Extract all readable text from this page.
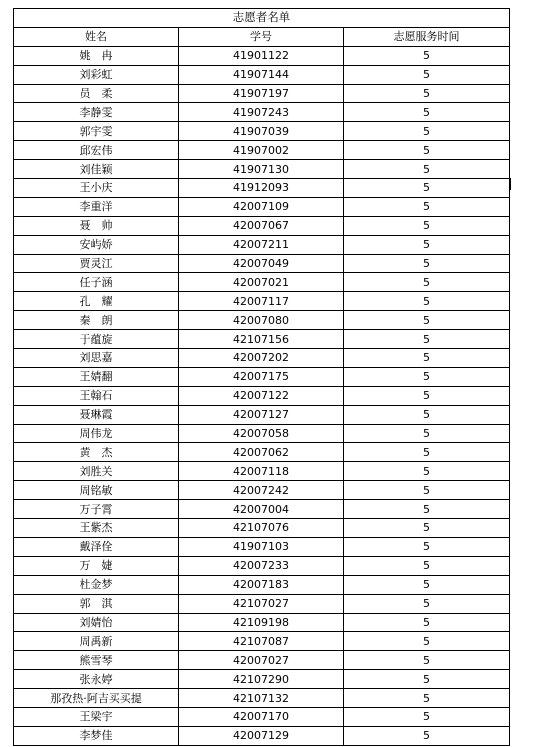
志愿者名单		
姓名	学号	志愿服务时间
姚　冉	41901122	5
刘彩虹	41907144	5
员　柔	41907197	5
李静雯	41907243	5
郭宇雯	41907039	5
邱宏伟	41907002	5
刘佳颖	41907130	5
王小庆	41912093	5
李重洋	42007109	5
聂　帅	42007067	5
安屿娇	42007211	5
贾灵江	42007049	5
任子涵	42007021	5
孔　耀	42007117	5
秦　朗	42007080	5
于蕴旋	42107156	5
刘思嘉	42007202	5
王婧翻	42007175	5
王翰石	42007122	5
聂琳霞	42007127	5
周伟龙	42007058	5
黄　杰	42007062	5
刘胜关	42007118	5
周铭敏	42007242	5
万子霄	42007004	5
王紫杰	42107076	5
戴泽佺	41907103	5
万　婕	42007233	5
杜金梦	42007183	5
郭　淇	42107027	5
刘婧怡	42109198	5
周禹新	42107087	5
熊雪琴	42007027	5
张永婷	42107290	5
那孜热·阿吉买买提	42107132	5
王梁宇	42007170	5
李梦佳	42007129	5
